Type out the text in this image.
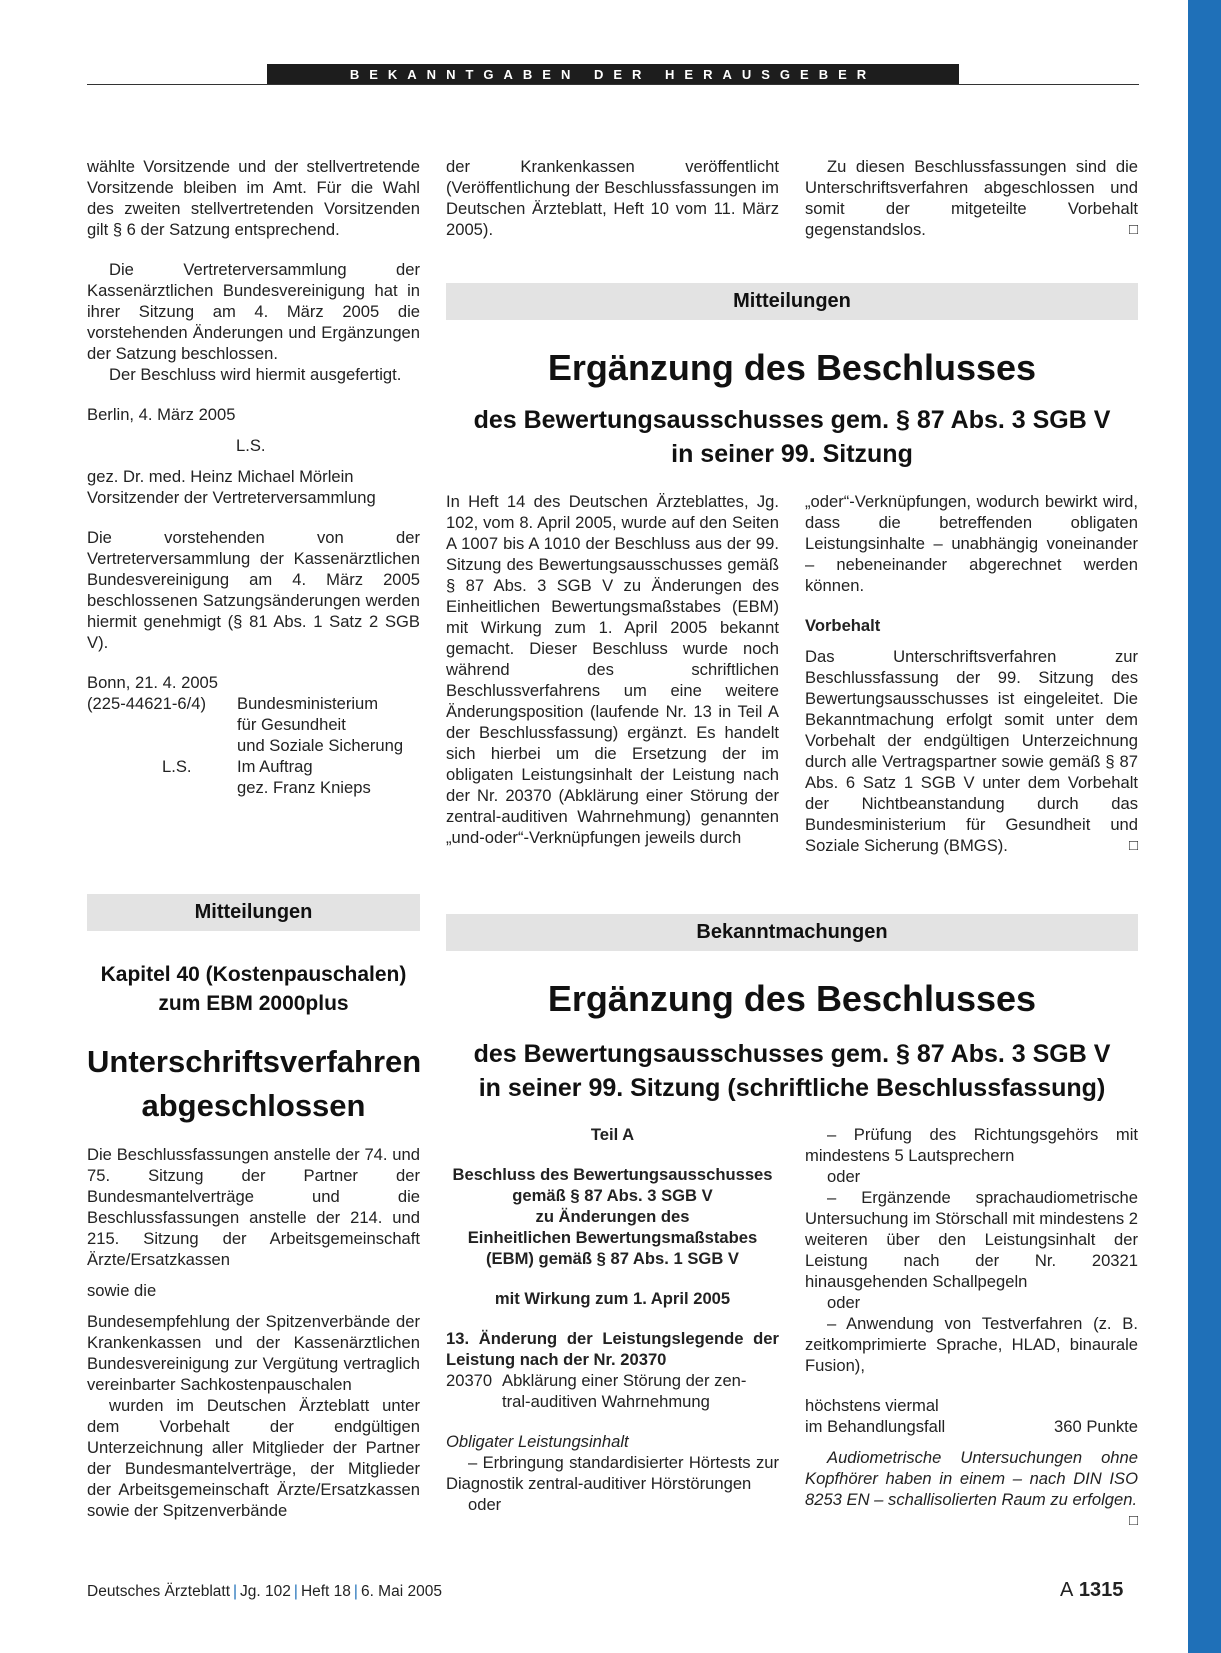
BEKANNTGABEN DER HERAUSGEBER

wählte Vorsitzende und der stellvertretende Vorsitzende bleiben im Amt. Für die Wahl des zweiten stellvertretenden Vorsitzenden gilt § 6 der Satzung entsprechend.

Die Vertreterversammlung der Kassenärztlichen Bundesvereinigung hat in ihrer Sitzung am 4. März 2005 die vorstehenden Änderungen und Ergänzungen der Satzung beschlossen.

Der Beschluss wird hiermit ausgefertigt.

Berlin, 4. März 2005

L.S.

gez. Dr. med. Heinz Michael Mörlein

Vorsitzender der Vertreterversammlung

Die vorstehenden von der Vertreterversammlung der Kassenärztlichen Bundesvereinigung am 4. März 2005 beschlossenen Satzungsänderungen werden hiermit genehmigt (§ 81 Abs. 1 Satz 2 SGB V).

Bonn, 21. 4. 2005

(225-44621-6/4)	Bundesministerium
für Gesundheit
und Soziale Sicherung
L.S.	Im Auftrag
gez. Franz Knieps

der Krankenkassen veröffentlicht (Veröffentlichung der Beschlussfassungen im Deutschen Ärzteblatt, Heft 10 vom 11. März 2005).

Zu diesen Beschlussfassungen sind die Unterschriftsverfahren abgeschlossen und somit der mitgeteilte Vorbehalt gegenstandslos.	□

Mitteilungen
Ergänzung des Beschlusses
des Bewertungsausschusses gem. § 87 Abs. 3 SGB V
in seiner 99. Sitzung

In Heft 14 des Deutschen Ärzteblattes, Jg. 102, vom 8. April 2005, wurde auf den Seiten A 1007 bis A 1010 der Beschluss aus der 99. Sitzung des Bewertungsausschusses gemäß § 87 Abs. 3 SGB V zu Änderungen des Einheitlichen Bewertungsmaßstabes (EBM) mit Wirkung zum 1. April 2005 bekannt gemacht. Dieser Beschluss wurde noch während des schriftlichen Beschlussverfahrens um eine weitere Änderungsposition (laufende Nr. 13 in Teil A der Beschlussfassung) ergänzt. Es handelt sich hierbei um die Ersetzung der im obligaten Leistungsinhalt der Leistung nach der Nr. 20370 (Abklärung einer Störung der zentral-auditiven Wahrnehmung) genannten „und-oder“-Verknüpfungen jeweils durch

„oder“-Verknüpfungen, wodurch bewirkt wird, dass die betreffenden obligaten Leistungsinhalte – unabhängig voneinander – nebeneinander abgerechnet werden können.

Vorbehalt

Das Unterschriftsverfahren zur Beschlussfassung der 99. Sitzung des Bewertungsausschusses ist eingeleitet. Die Bekanntmachung erfolgt somit unter dem Vorbehalt der endgültigen Unterzeichnung durch alle Vertragspartner sowie gemäß § 87 Abs. 6 Satz 1 SGB V unter dem Vorbehalt der Nichtbeanstandung durch das Bundesministerium für Gesundheit und Soziale Sicherung (BMGS).	□

Mitteilungen
Kapitel 40 (Kostenpauschalen)
zum EBM 2000plus
Unterschriftsverfahren
abgeschlossen

Die Beschlussfassungen anstelle der 74. und 75. Sitzung der Partner der Bundesmantelverträge und die Beschlussfassungen anstelle der 214. und 215. Sitzung der Arbeitsgemeinschaft Ärzte/Ersatzkassen

sowie die

Bundesempfehlung der Spitzenverbände der Krankenkassen und der Kassenärztlichen Bundesvereinigung zur Vergütung vertraglich vereinbarter Sachkostenpauschalen

wurden im Deutschen Ärzteblatt unter dem Vorbehalt der endgültigen Unterzeichnung aller Mitglieder der Partner der Bundesmantelverträge, der Mitglieder der Arbeitsgemeinschaft Ärzte/Ersatzkassen sowie der Spitzenverbände

Bekanntmachungen
Ergänzung des Beschlusses
des Bewertungsausschusses gem. § 87 Abs. 3 SGB V
in seiner 99. Sitzung (schriftliche Beschlussfassung)

Teil A

Beschluss des Bewertungsausschusses

gemäß § 87 Abs. 3 SGB V

zu Änderungen des

Einheitlichen Bewertungsmaßstabes

(EBM) gemäß § 87 Abs. 1 SGB V

mit Wirkung zum 1. April 2005

13. Änderung der Leistungslegende der Leistung nach der Nr. 20370

20370 Abklärung einer Störung der zen-
tral-auditiven Wahrnehmung

Obligater Leistungsinhalt

– Erbringung standardisierter Hörtests zur Diagnostik zentral-auditiver Hörstörungen

oder

– Prüfung des Richtungsgehörs mit mindestens 5 Lautsprechern

oder

– Ergänzende sprachaudiometrische Untersuchung im Störschall mit mindestens 2 weiteren über den Leistungsinhalt der Leistung nach der Nr. 20321 hinausgehenden Schallpegeln

oder

– Anwendung von Testverfahren (z. B. zeitkomprimierte Sprache, HLAD, binaurale Fusion),

höchstens viermal

im Behandlungsfall	360 Punkte

Audiometrische Untersuchungen ohne Kopfhörer haben in einem – nach DIN ISO 8253 EN – schallisolierten Raum zu erfolgen.
□

Deutsches Ärzteblatt | Jg. 102 | Heft 18 | 6. Mai 2005	A 1315
